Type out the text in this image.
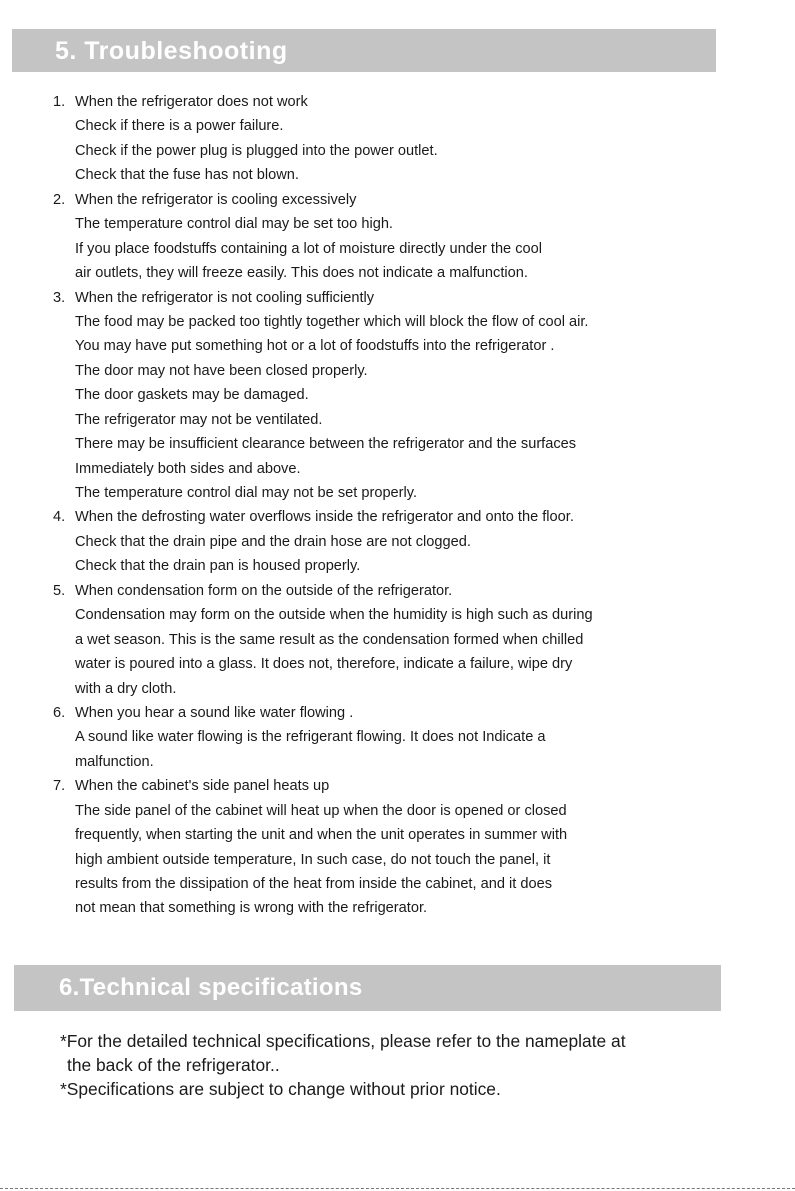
5. Troubleshooting
1. When the refrigerator does not work
Check if there is a power failure.
Check if the power plug is plugged into the power outlet.
Check that the fuse has not blown.
2. When the refrigerator is cooling excessively
The temperature control dial may be set too high.
If you place foodstuffs containing a lot of moisture directly under the cool
air outlets, they will freeze easily. This does not indicate a malfunction.
3. When the refrigerator is not cooling sufficiently
The food may be packed too tightly together which will block the flow of cool air.
You may have put something hot or a lot of foodstuffs into the refrigerator .
The door may not have been closed properly.
The door gaskets may be damaged.
The refrigerator may not be ventilated.
There may be insufficient clearance between the refrigerator and the surfaces
Immediately both sides and above.
The temperature control dial may not be set properly.
4. When the defrosting water overflows inside the refrigerator and onto the floor.
Check that the drain pipe and the drain hose are not clogged.
Check that the drain pan is housed properly.
5. When condensation form on the outside of the refrigerator.
Condensation may form on the outside when the humidity is high such as during
a wet season. This is the same result as the condensation formed when chilled
water is poured into a glass. It does not, therefore, indicate a failure, wipe dry
with a dry cloth.
6. When you hear a sound like water flowing .
A sound like water flowing is the refrigerant flowing. It does not Indicate a
malfunction.
7. When the cabinet's side panel heats up
The side panel of the cabinet will heat up when the door is opened or closed
frequently, when starting the unit and when the unit operates in summer with
high ambient outside temperature, In such case, do not touch the panel, it
results from the dissipation of the heat from inside the cabinet, and it does
not mean that something is wrong with the refrigerator.
6.Technical specifications
*For the detailed technical specifications, please refer to the nameplate at
the back of the refrigerator..
*Specifications are subject to change without prior notice.
